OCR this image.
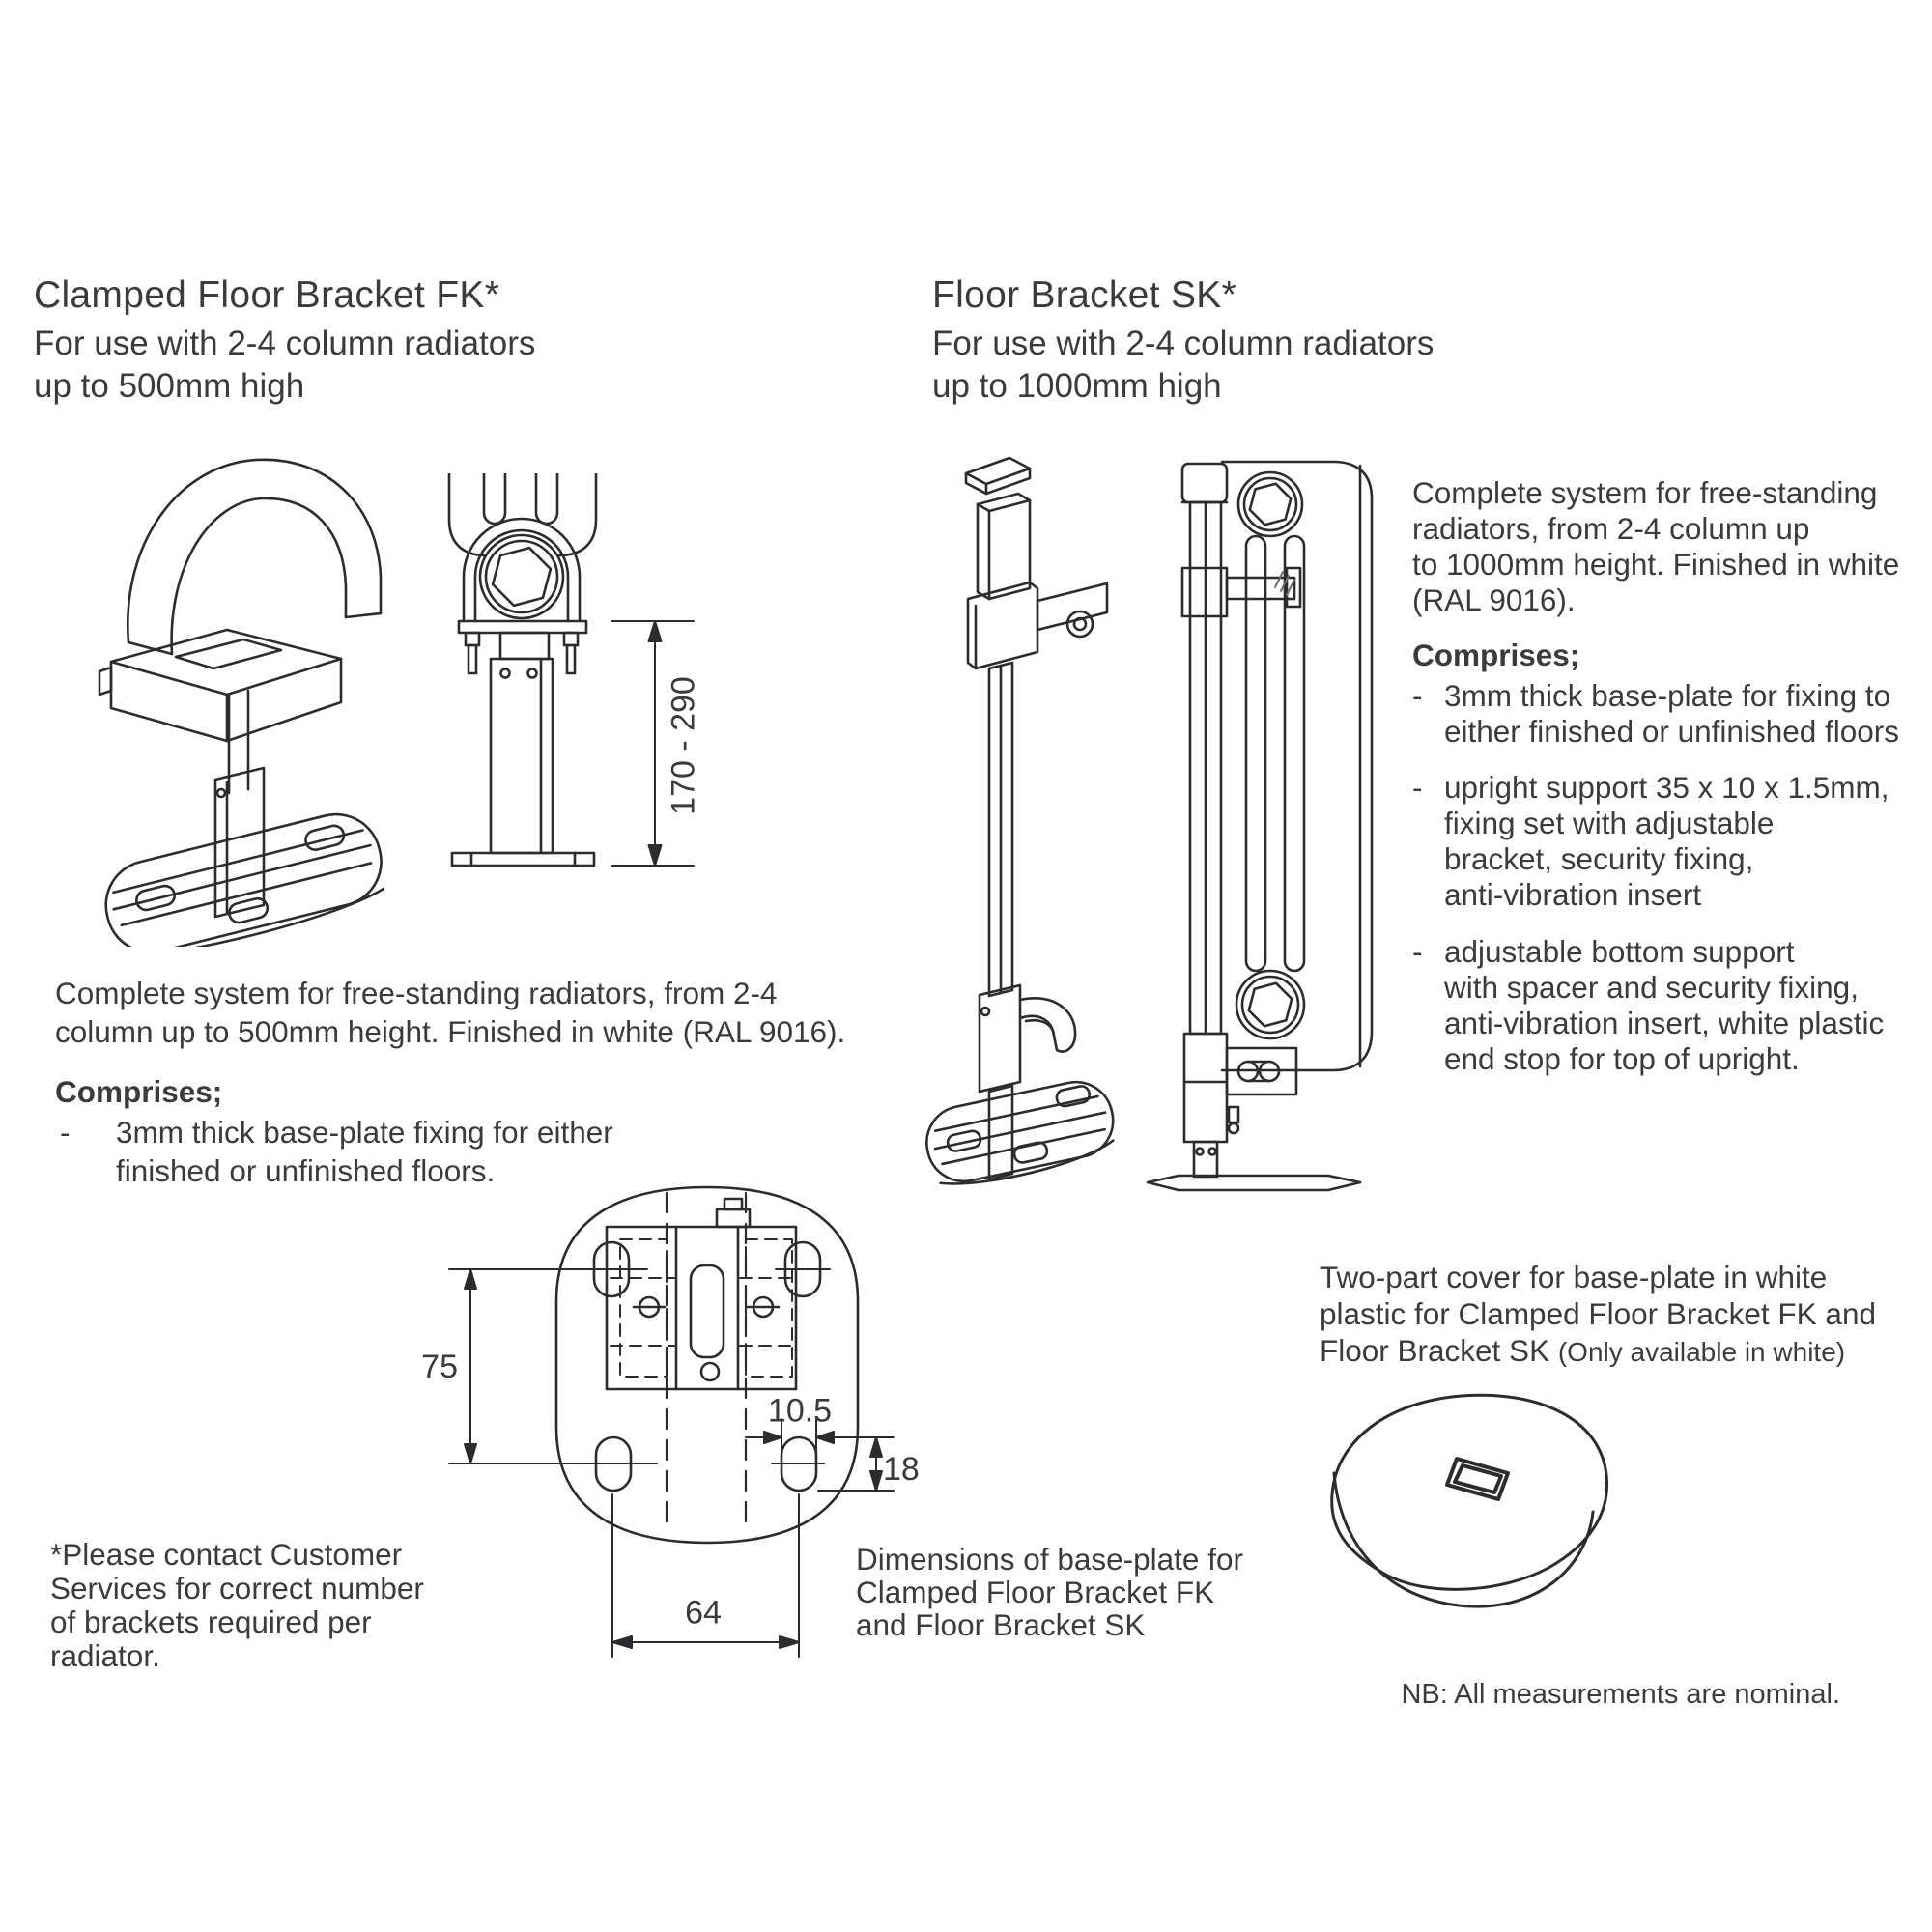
Clamped Floor Bracket FK*
For use with 2-4 column radiators
up to 500mm high
Floor Bracket SK*
For use with 2-4 column radiators
up to 1000mm high
170 - 290
Complete system for free-standing radiators, from 2-4
column up to 500mm height. Finished in white (RAL 9016).
Comprises;
-	3mm thick base-plate fixing for either
finished or unfinished floors.
Complete system for free-standing
radiators, from 2-4 column up
to 1000mm height. Finished in white
(RAL 9016).
Comprises;
- 3mm thick base-plate for fixing to
either finished or unfinished floors
- upright support 35 x 10 x 1.5mm,
fixing set with adjustable
bracket, security fixing,
anti-vibration insert
- adjustable bottom support
with spacer and security fixing,
anti-vibration insert, white plastic
end stop for top of upright.
75
10.5
18
64
Dimensions of base-plate for
Clamped Floor Bracket FK
and Floor Bracket SK
*Please contact Customer
Services for correct number
of brackets required per
radiator.
Two-part cover for base-plate in white
plastic for Clamped Floor Bracket FK and
Floor Bracket SK (Only available in white)
NB: All measurements are nominal.
